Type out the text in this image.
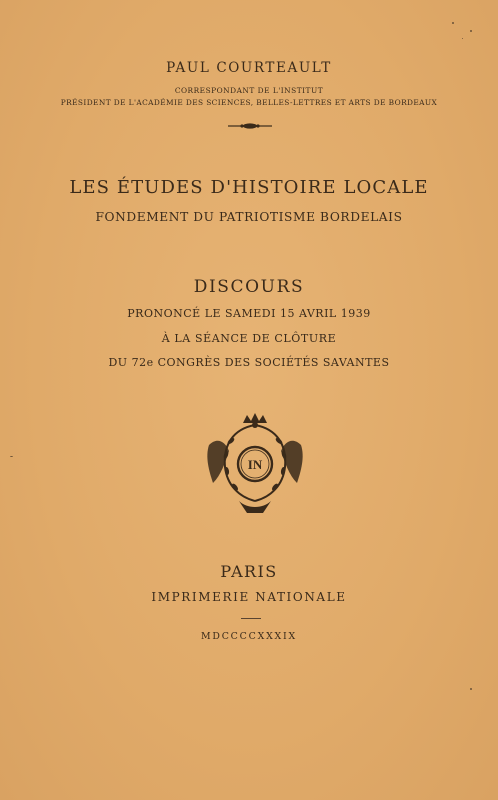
PAUL COURTEAULT
CORRESPONDANT DE L'INSTITUT
PRÉSIDENT DE L'ACADÉMIE DES SCIENCES, BELLES-LETTRES ET ARTS DE BORDEAUX
LES ÉTUDES D'HISTOIRE LOCALE
FONDEMENT DU PATRIOTISME BORDELAIS
DISCOURS
PRONONCÉ LE SAMEDI 15 AVRIL 1939
À LA SÉANCE DE CLÔTURE
DU 72e CONGRÈS DES SOCIÉTÉS SAVANTES
IN
PARIS
IMPRIMERIE NATIONALE
MDCCCCXXXIX
